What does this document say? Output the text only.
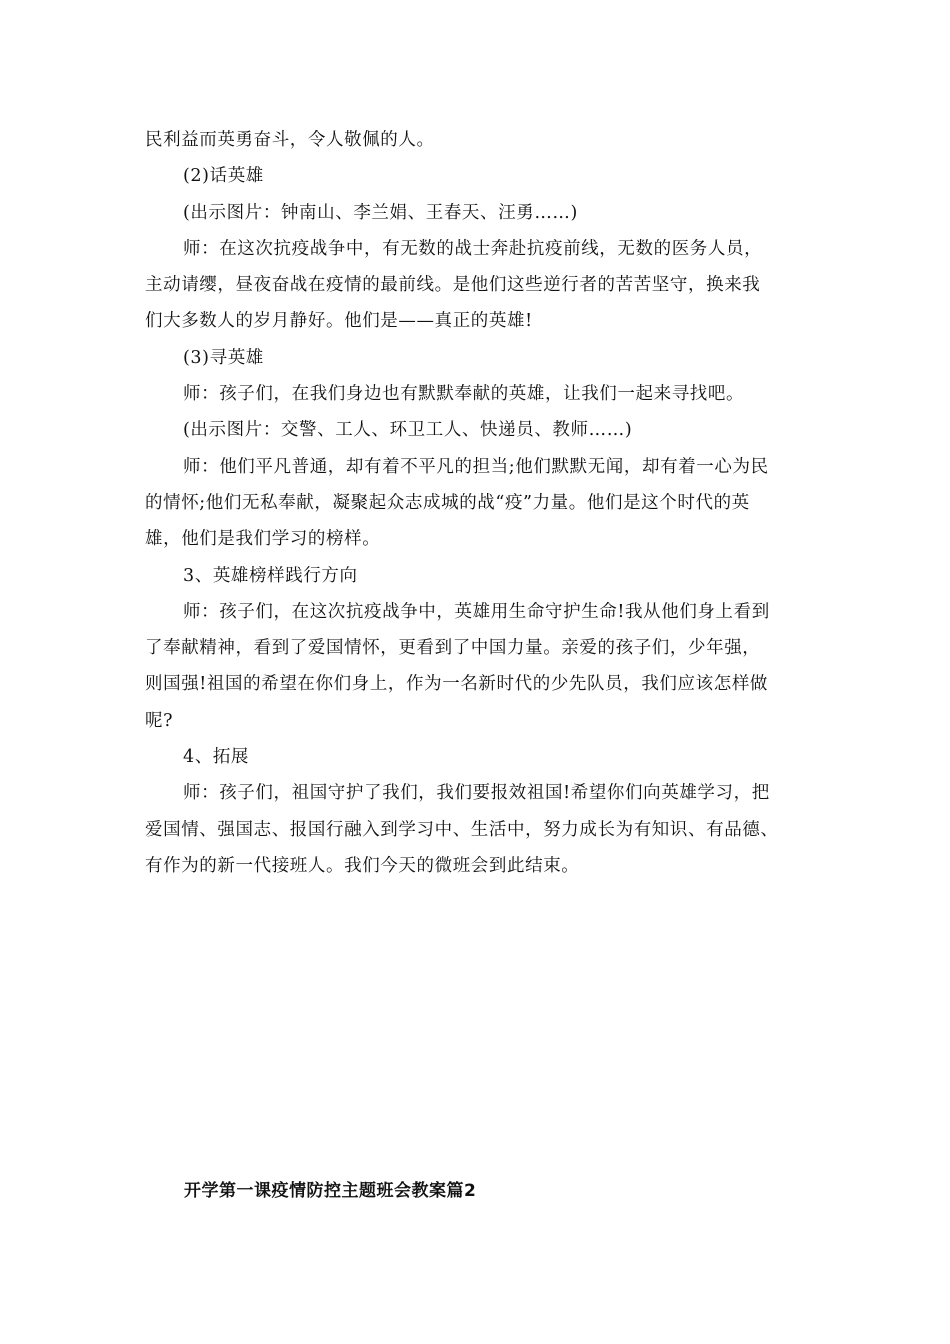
民利益而英勇奋斗，令人敬佩的人。

(2)话英雄

(出示图片：钟南山、李兰娟、王春天、汪勇……)

师：在这次抗疫战争中，有无数的战士奔赴抗疫前线，无数的医务人员，

主动请缨，昼夜奋战在疫情的最前线。是他们这些逆行者的苦苦坚守，换来我

们大多数人的岁月静好。他们是——真正的英雄!

(3)寻英雄

师：孩子们，在我们身边也有默默奉献的英雄，让我们一起来寻找吧。

(出示图片：交警、工人、环卫工人、快递员、教师……)

师：他们平凡普通，却有着不平凡的担当;他们默默无闻，却有着一心为民

的情怀;他们无私奉献，凝聚起众志成城的战“疫”力量。他们是这个时代的英

雄，他们是我们学习的榜样。

3、英雄榜样践行方向

师：孩子们，在这次抗疫战争中，英雄用生命守护生命!我从他们身上看到

了奉献精神，看到了爱国情怀，更看到了中国力量。亲爱的孩子们，少年强，

则国强!祖国的希望在你们身上，作为一名新时代的少先队员，我们应该怎样做

呢?

4、拓展

师：孩子们，祖国守护了我们，我们要报效祖国!希望你们向英雄学习，把

爱国情、强国志、报国行融入到学习中、生活中，努力成长为有知识、有品德、

有作为的新一代接班人。我们今天的微班会到此结束。

开学第一课疫情防控主题班会教案篇2
